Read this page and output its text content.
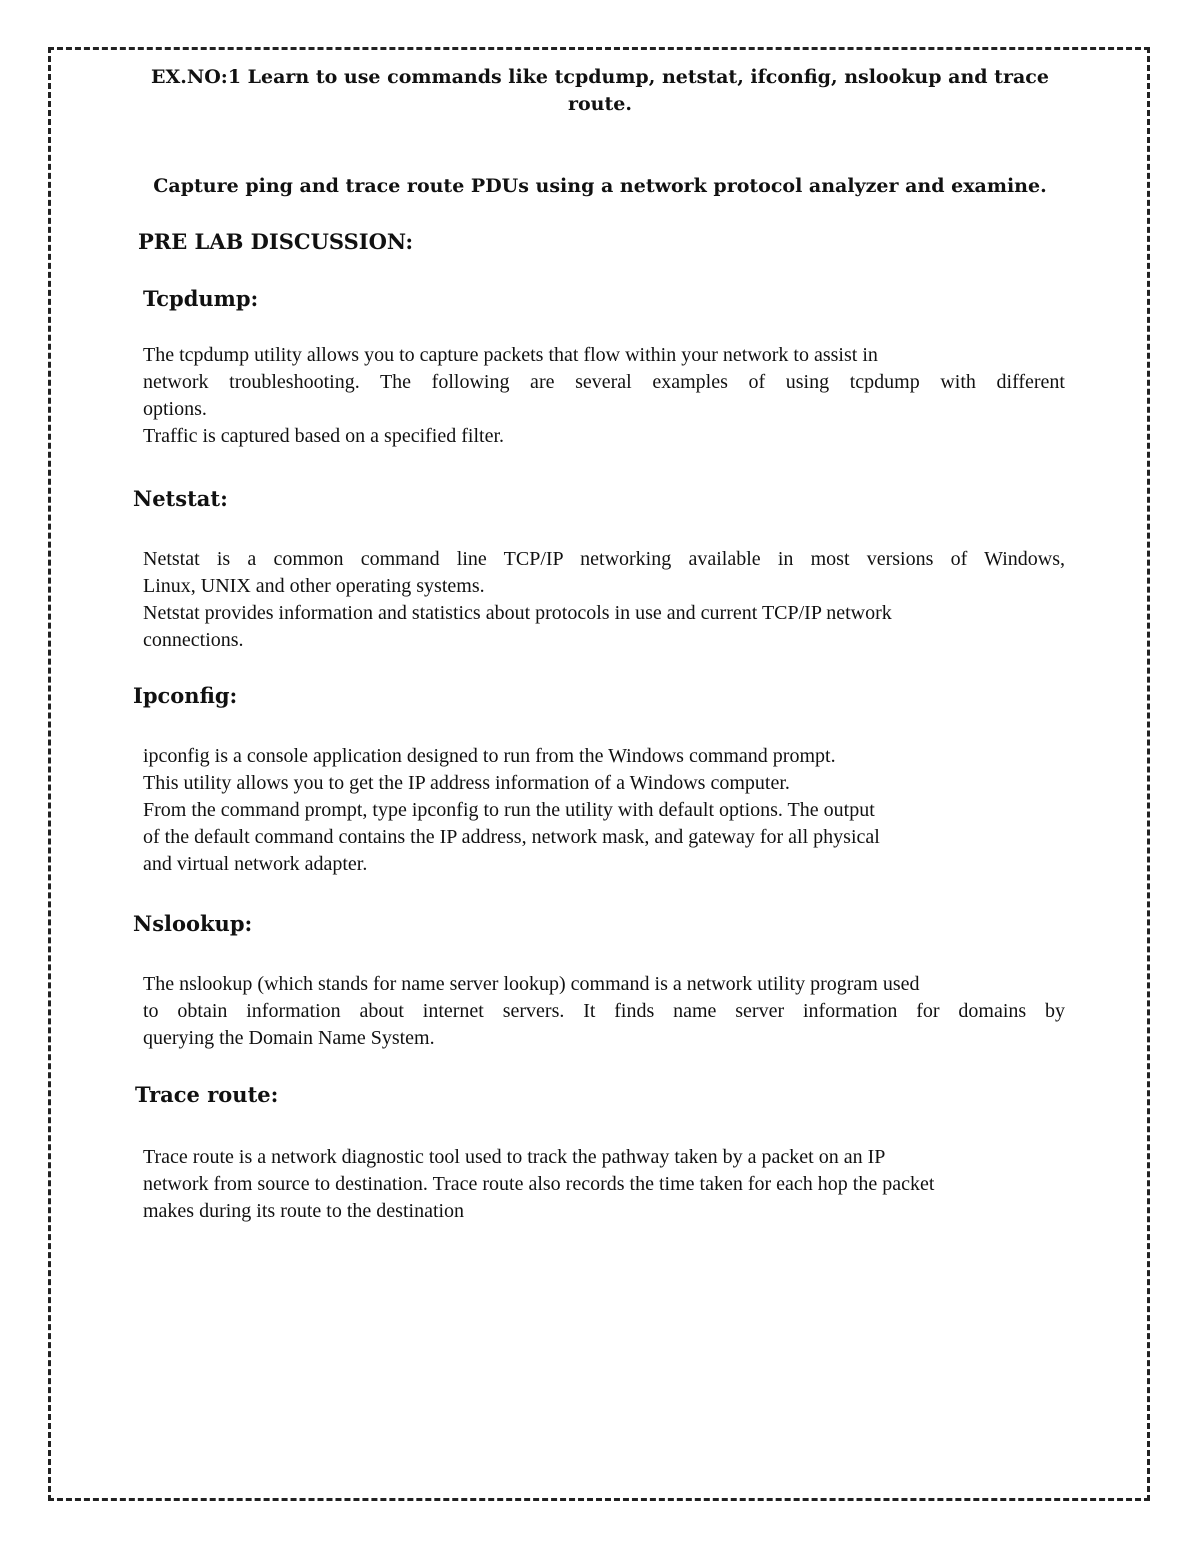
EX.NO:1 Learn to use commands like tcpdump, netstat, ifconfig, nslookup and trace
route.
Capture ping and trace route PDUs using a network protocol analyzer and examine.
PRE LAB DISCUSSION:
Tcpdump:
The tcpdump utility allows you to capture packets that flow within your network to assist in
network troubleshooting. The following are several examples of using tcpdump with different
options.
Traffic is captured based on a specified filter.
Netstat:
Netstat is a common command line TCP/IP networking available in most versions of Windows,
Linux, UNIX and other operating systems.
Netstat provides information and statistics about protocols in use and current TCP/IP network
connections.
Ipconfig:
ipconfig is a console application designed to run from the Windows command prompt.
This utility allows you to get the IP address information of a Windows computer.
From the command prompt, type ipconfig to run the utility with default options. The output
of the default command contains the IP address, network mask, and gateway for all physical
and virtual network adapter.
Nslookup:
The nslookup (which stands for name server lookup) command is a network utility program used
to obtain information about internet servers. It finds name server information for domains by
querying the Domain Name System.
Trace route:
Trace route is a network diagnostic tool used to track the pathway taken by a packet on an IP
network from source to destination. Trace route also records the time taken for each hop the packet
makes during its route to the destination
